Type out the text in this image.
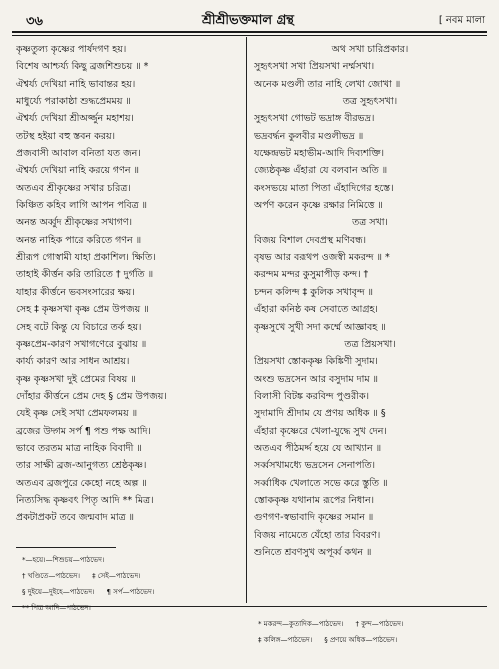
৩৬	শ্রীশ্রীভক্তমাল গ্রন্থ	[ নবম মালা
কৃষ্ণতুল্য কৃষ্ণের পার্ষদগণ হয়।
বিশেষ আশ্চর্য্য কিছু ব্রজশিশুচয় ॥ *
ঐশ্বর্য্য দেখিয়া নাহি ভাবান্তর হয়।
মাধুর্য্যে পরাকাষ্ঠা শুদ্ধপ্রেমময় ॥
ঐশ্বর্য্য দেখিয়া শ্রীঅর্জ্জুন মহাশয়।
তটস্থ হইয়া বহু স্তবন করয়।
প্রজবাসী আবাল বনিতা যত জন।
ঐশ্বর্য্য দেখিয়া নাহি করয়ে গণন ॥
অতএব শ্রীকৃষ্ণের সখার চরিত্র।
কিঞ্চিত কহিব লাগি আপন পবিত্র ॥
অনন্ত অর্ব্বুদ শ্রীকৃষ্ণের সখাগণ।
অনন্ত নাহিক পারে করিতে গণন ॥
শ্রীরূপ গোস্বামী যাহা প্রকাশিল। ক্ষিতি।
তাহাই কীর্ত্তন করি তারিতে † দুর্গতি ॥
যাহার কীর্ত্তনে ভবসংসারের ক্ষয়।
সেহ ‡ কৃষ্ণসখা কৃষ্ণ প্রেম উপজয় ॥
সেহ বটে কিন্তু যে বিচারে তর্ক হয়।
কৃষ্ণপ্রেম-কারণ সখাগণেরে বুঝায় ॥
কার্য্য কারণ আর সাধন আশ্রয়।
কৃষ্ণ কৃষ্ণসখা দুই প্রেমের বিষয় ॥
দোঁহার কীর্ত্তনে প্রেম দেহ § প্রেম উপজয়।
যেই কৃষ্ণ সেই সখা প্রেমফলময় ॥
ব্রজের উদ্গম সর্প ¶ পশু পক্ষ আদি।
ভাবে তরতম মাত্র নাহিক বিবাদী ॥
তার সাক্ষী ব্রজ-আনুগত্য শ্রেষ্ঠকৃষ্ণ।
অতএব ব্রজপুরে কেহো নহে অল্প ॥
নিত্যসিদ্ধ কৃষ্ণবৎ পিতৃ আদি ** মিত্র।
প্রকটাপ্রকট তবে জন্মবাদ মাত্র ॥
অথ সখা চারিপ্রকার।
সুহৃৎসখা সখা প্রিয়সখা নর্ম্মসখা।
অনেক মণ্ডলী তার নাহি লেখা জোখা ॥
তত্র সুহৃৎসখা।
সুহৃৎসখা গোভট ভদ্রাঙ্গ বীরভদ্র।
ভদ্রবর্দ্ধন কুলবীর মণ্ডলীভদ্র ॥
যক্ষেন্দ্রভট মহাভীম-আদি দিব্যশক্তি।
জ্যেষ্ঠকৃষ্ণ এঁহারা যে বলবান অতি ॥
কংসভয়ে মাতা পিতা এঁহাদিগের হস্তে।
অর্পণ করেন কৃষ্ণে রক্ষার নিমিত্তে ॥
তত্র সখা।
বিজয় বিশাল দেবপ্রস্থ মণিবন্ধ।
বৃষভ আর বরূথপ ওজস্বী মকরন্দ ॥ *
করন্দম মন্দর কুসুমাপীড় কন্দ। †
চন্দন কলিন্দ ‡ কুলিক সখাবৃন্দ ॥
এঁহারা কনিষ্ঠ কষ সেবাতে আগ্রহ।
কৃষ্ণসুখে সুখী সদা কর্ম্মে আজ্ঞাবহ ॥
তত্র প্রিয়সখা।
প্রিয়সখা স্তোককৃষ্ণ কিঙ্কিণী সুদাম।
অংশু ভদ্রসেন আর বসুদাম দাম ॥
বিলাসী বিটঙ্ক করবিন্দ পুণ্ডরীক।
সুদামাদি শ্রীদাম যে প্রণয় অধিক ॥ §
এঁহারা কৃষ্ণেরে খেলা-যুদ্ধে সুখ দেন।
অতএব পীঠমর্দ্দ হয়ে যে আখ্যান ॥
সর্ব্বসখামধ্যে ভদ্রসেন সেনাপতি।
সর্ব্বাধিক খেলাতে সভে করে স্তুতি ॥
স্তোককৃষ্ণ যথানাম রূপের নিধান।
গুণগণ-স্বভাবাদি কৃষ্ণের সমান ॥
বিজয় নামেতে যেঁহো তার বিবরণ।
শুনিতে শ্রবণসুখ অপূর্ব্ব কথন ॥
*—হয়ে।—শিশুচয়—পাঠভেদ।
† খণ্ডিতে—পাঠভেদ। ‡ সেই—পাঠভেদ।
§ দুইয়ে—দুইহে—পাঠভেদ। ¶ সর্প—পাঠভেদ।
** পিত্র আদি—পাঠভেদ।
* মকরন্দ—কুতাদিক—পাঠভেদ। † কুন্দ—পাঠভেদ।
‡ কলিঙ্গ—পাঠভেদ। § প্রণয়ে অধিক—পাঠভেদ।
